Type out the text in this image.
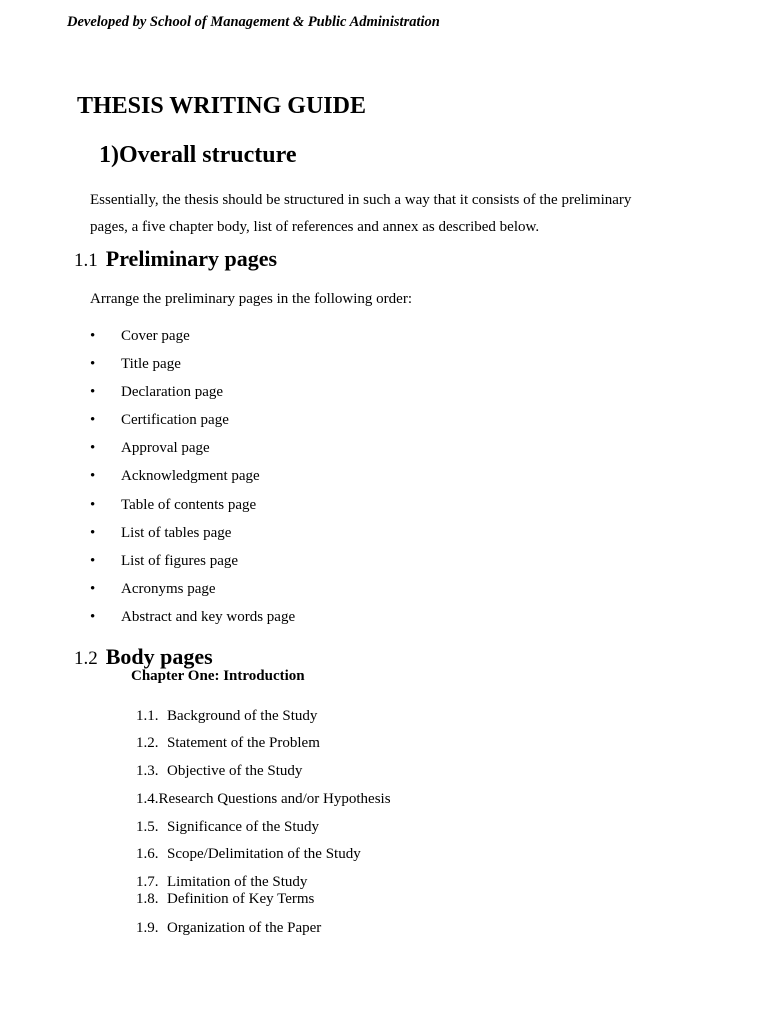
Developed by School of Management & Public Administration
THESIS WRITING GUIDE
1)Overall structure
Essentially, the thesis should be structured in such a way that it consists of the preliminary
pages, a five chapter body, list of references and annex as described below.
1.1 Preliminary pages
Arrange the preliminary pages in the following order:
• Cover page
• Title page
• Declaration page
• Certification page
• Approval page
• Acknowledgment page
• Table of contents page
• List of tables page
• List of figures page
• Acronyms page
• Abstract and key words page
1.2 Body pages
Chapter One: Introduction
1.1. Background of the Study
1.2. Statement of the Problem
1.3. Objective of the Study
1.4.Research Questions and/or Hypothesis
1.5. Significance of the Study
1.6. Scope/Delimitation of the Study
1.7. Limitation of the Study
1.8. Definition of Key Terms
1.9. Organization of the Paper
